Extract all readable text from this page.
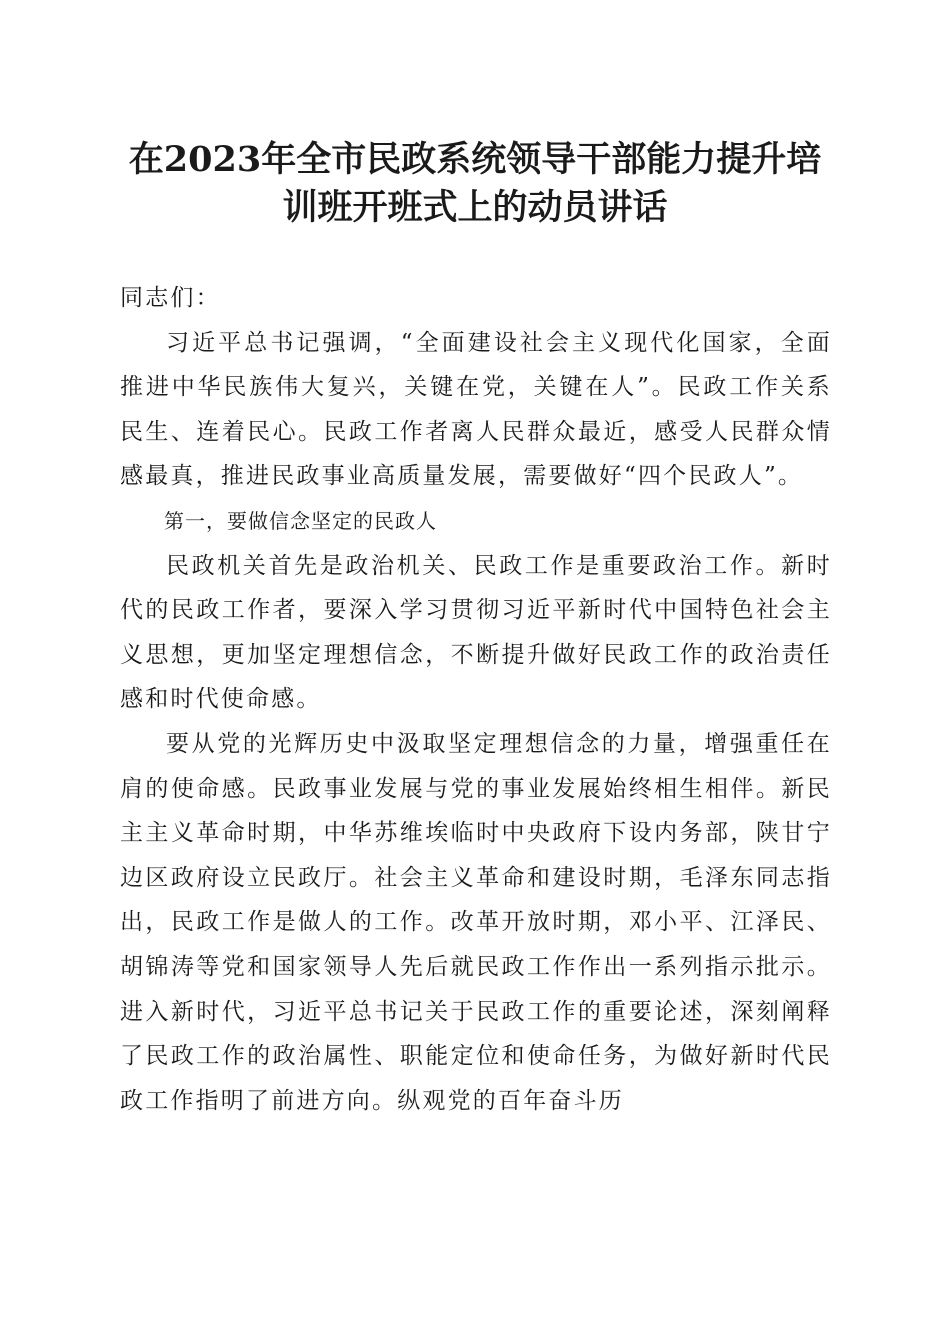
在2023年全市民政系统领导干部能力提升培
训班开班式上的动员讲话

同志们：

习近平总书记强调，“全面建设社会主义现代化国家，全面推进中华民族伟大复兴，关键在党，关键在人”。民政工作关系民生、连着民心。民政工作者离人民群众最近，感受人民群众情感最真，推进民政事业高质量发展，需要做好“四个民政人”。

第一，要做信念坚定的民政人

民政机关首先是政治机关、民政工作是重要政治工作。新时代的民政工作者，要深入学习贯彻习近平新时代中国特色社会主义思想，更加坚定理想信念，不断提升做好民政工作的政治责任感和时代使命感。

要从党的光辉历史中汲取坚定理想信念的力量，增强重任在肩的使命感。民政事业发展与党的事业发展始终相生相伴。新民主主义革命时期，中华苏维埃临时中央政府下设内务部，陕甘宁边区政府设立民政厅。社会主义革命和建设时期，毛泽东同志指出，民政工作是做人的工作。改革开放时期，邓小平、江泽民、胡锦涛等党和国家领导人先后就民政工作作出一系列指示批示。进入新时代，习近平总书记关于民政工作的重要论述，深刻阐释了民政工作的政治属性、职能定位和使命任务，为做好新时代民政工作指明了前进方向。纵观党的百年奋斗历
